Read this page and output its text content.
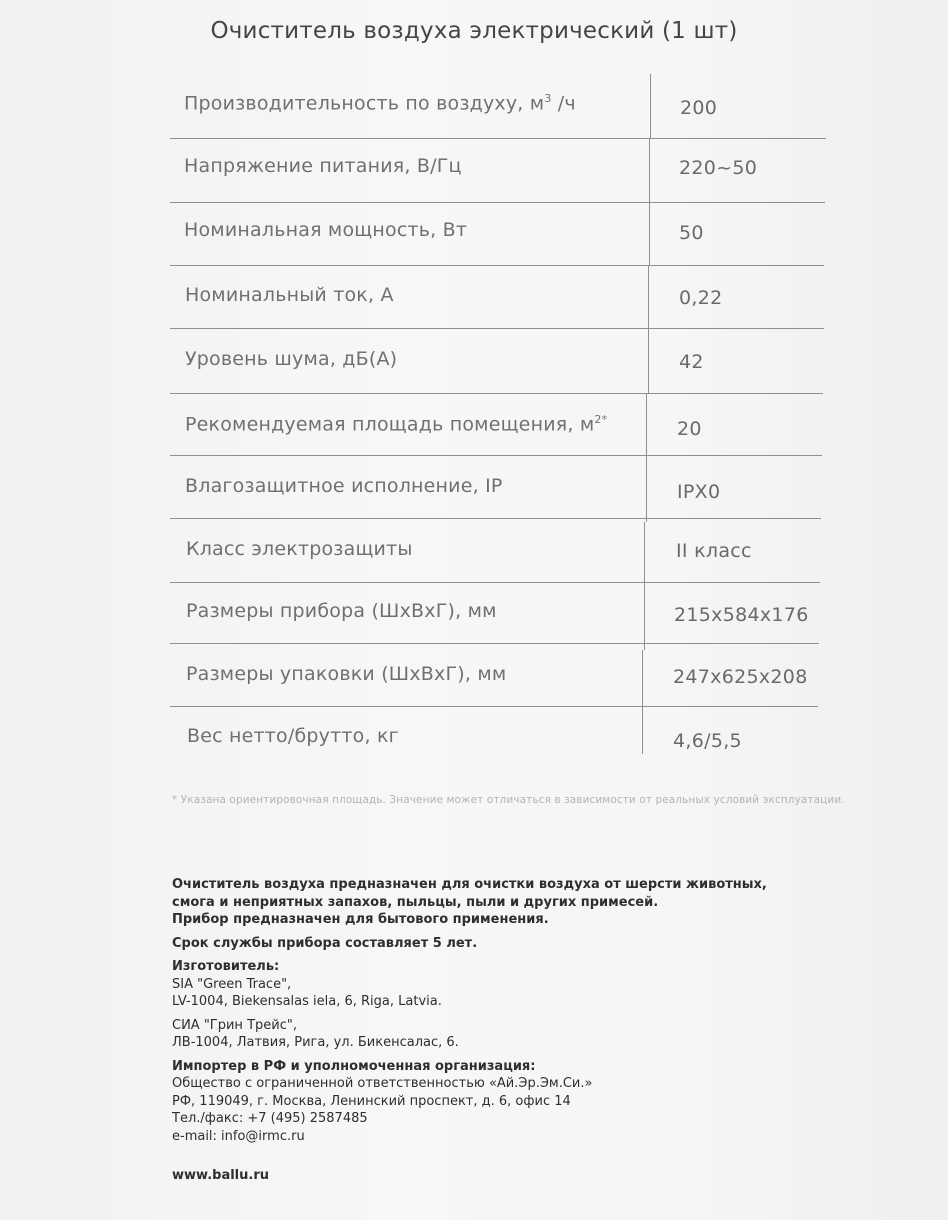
Очиститель воздуха электрический (1 шт)
Производительность по воздуху, $м^3$ /ч	200
Напряжение питания, В/Гц	220~50
Номинальная мощность, Вт	50
Номинальный ток, А	0,22
Уровень шума, дБ(А)	42
Рекомендуемая площадь помещения, $м^{2*}$	20
Влагозащитное исполнение, IP	IPX0
Класс электрозащиты	II класс
Размеры прибора (ШхВхГ), мм	215x584x176
Размеры упаковки (ШхВхГ), мм	247x625x208
Вес нетто/брутто, кг	4,6/5,5
* Указана ориентировочная площадь. Значение может отличаться в зависимости от реальных условий эксплуатации.
Очиститель воздуха предназначен для очистки воздуха от шерсти животных,
смога и неприятных запахов, пыльцы, пыли и других примесей.
Прибор предназначен для бытового применения.
Срок службы прибора составляет 5 лет.
Изготовитель:
SIA "Green Trace",
LV-1004, Biekensalas iela, 6, Riga, Latvia.
СИА "Грин Трейс",
ЛВ-1004, Латвия, Рига, ул. Бикенсалас, 6.
Импортер в РФ и уполномоченная организация:
Общество с ограниченной ответственностью «Ай.Эр.Эм.Си.»
РФ, 119049, г. Москва, Ленинский проспект, д. 6, офис 14
Тел./факс: +7 (495) 2587485
e-mail: info@irmc.ru
www.ballu.ru
